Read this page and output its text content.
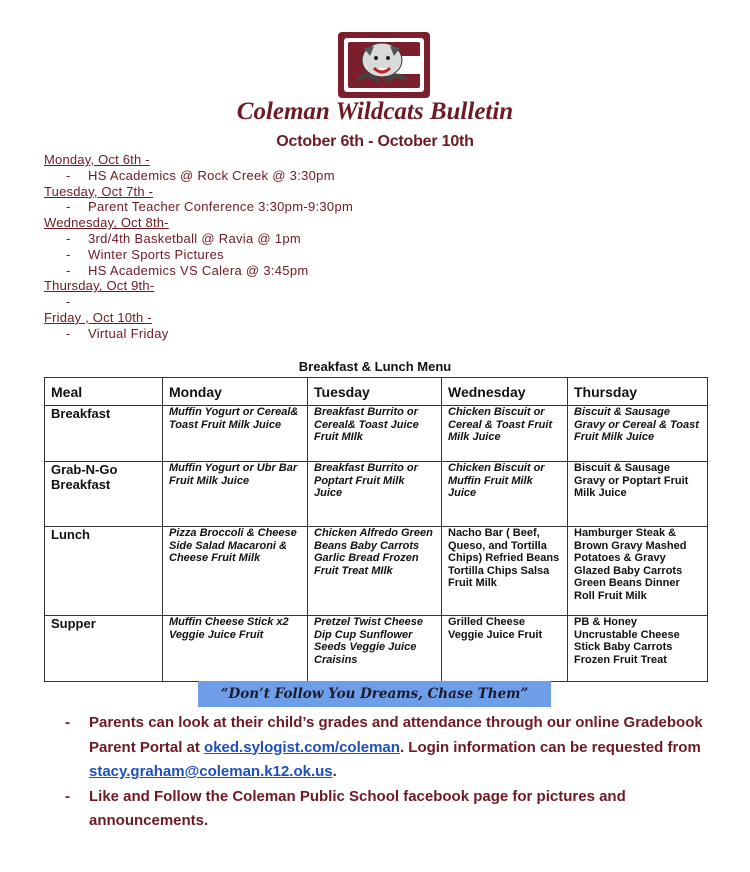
Coleman Wildcats Bulletin
October 6th - October 10th
Monday, Oct 6th -
- HS Academics @ Rock Creek @ 3:30pm
Tuesday, Oct 7th -
- Parent Teacher Conference 3:30pm-9:30pm
Wednesday, Oct 8th-
- 3rd/4th Basketball @ Ravia @ 1pm
- Winter Sports Pictures
- HS Academics VS Calera @ 3:45pm
Thursday, Oct 9th-
-
Friday , Oct 10th -
- Virtual Friday
Breakfast & Lunch Menu
Meal	Monday	Tuesday	Wednesday	Thursday
Breakfast	Muffin Yogurt or Cereal& Toast Fruit Milk Juice	Breakfast Burrito or Cereal& Toast Juice Fruit MIlk	Chicken Biscuit or Cereal & Toast Fruit Milk Juice	Biscuit & Sausage Gravy or Cereal & Toast Fruit Milk Juice
Grab-N-Go Breakfast	Muffin Yogurt or Ubr Bar Fruit Milk Juice	Breakfast Burrito or Poptart Fruit Milk Juice	Chicken Biscuit or Muffin Fruit Milk Juice	Biscuit & Sausage Gravy or Poptart Fruit Milk Juice
Lunch	Pizza Broccoli & Cheese Side Salad Macaroni & Cheese Fruit Milk	Chicken Alfredo Green Beans Baby Carrots Garlic Bread Frozen Fruit Treat MIlk	Nacho Bar ( Beef, Queso, and Tortilla Chips) Refried Beans Tortilla Chips Salsa Fruit Milk	Hamburger Steak & Brown Gravy Mashed Potatoes & Gravy Glazed Baby Carrots Green Beans Dinner Roll Fruit Milk
Supper	Muffin Cheese Stick x2 Veggie Juice Fruit	Pretzel Twist Cheese Dip Cup Sunflower Seeds Veggie Juice Craisins	Grilled Cheese Veggie Juice Fruit	PB & Honey Uncrustable Cheese Stick Baby Carrots Frozen Fruit Treat
“Don’t Follow You Dreams, Chase Them”
- Parents can look at their child’s grades and attendance through our online Gradebook Parent Portal at oked.sylogist.com/coleman. Login information can be requested from stacy.graham@coleman.k12.ok.us.
- Like and Follow the Coleman Public School facebook page for pictures and announcements.
